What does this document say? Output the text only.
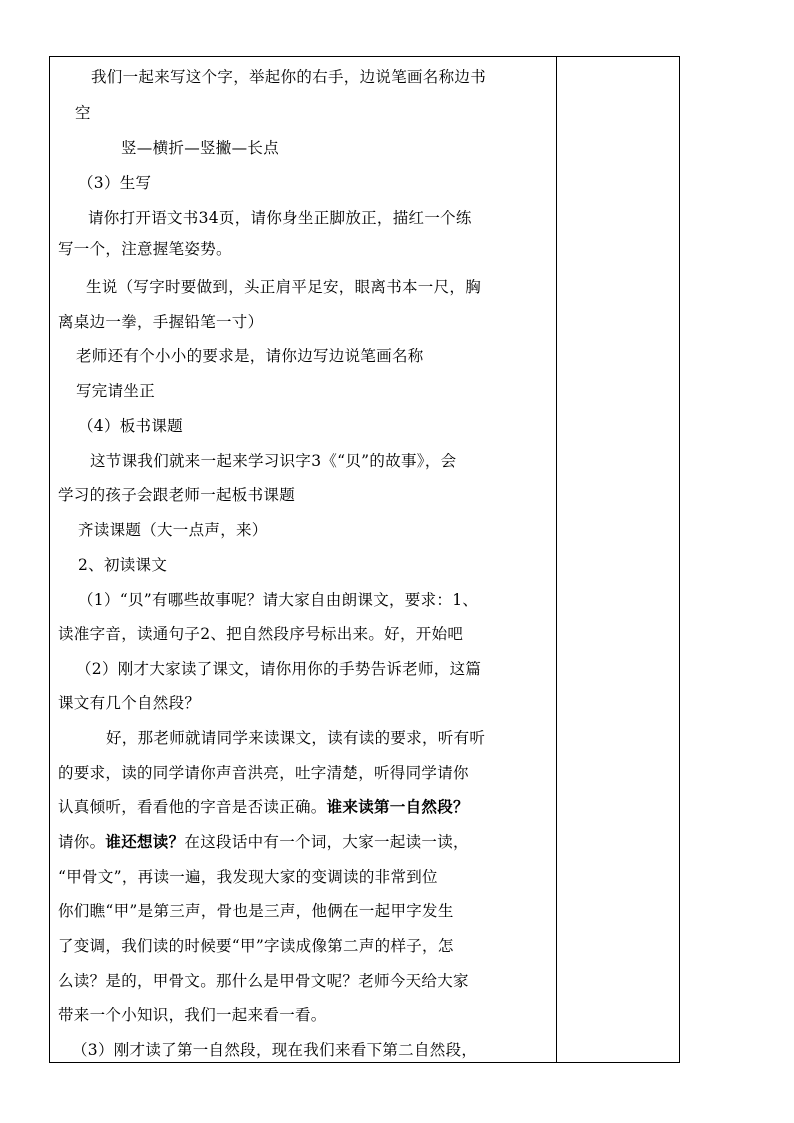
我们一起来写这个字，举起你的右手，边说笔画名称边书
空
竖—横折—竖撇—长点
（3）生写
请你打开语文书34页，请你身坐正脚放正，描红一个练
写一个，注意握笔姿势。
生说（写字时要做到，头正肩平足安，眼离书本一尺，胸
离桌边一拳，手握铅笔一寸）
老师还有个小小的要求是，请你边写边说笔画名称
写完请坐正
（4）板书课题
这节课我们就来一起来学习识字3《“贝”的故事》，会
学习的孩子会跟老师一起板书课题
齐读课题（大一点声，来）
2、初读课文
（1）“贝”有哪些故事呢？请大家自由朗课文，要求：1、
读准字音，读通句子2、把自然段序号标出来。好，开始吧
（2）刚才大家读了课文，请你用你的手势告诉老师，这篇
课文有几个自然段？
好，那老师就请同学来读课文，读有读的要求，听有听
的要求，读的同学请你声音洪亮，吐字清楚，听得同学请你
认真倾听，看看他的字音是否读正确。谁来读第一自然段？
请你。谁还想读？在这段话中有一个词，大家一起读一读，
“甲骨文”，再读一遍，我发现大家的变调读的非常到位
你们瞧“甲”是第三声，骨也是三声，他俩在一起甲字发生
了变调，我们读的时候要“甲”字读成像第二声的样子，怎
么读？是的，甲骨文。那什么是甲骨文呢？老师今天给大家
带来一个小知识，我们一起来看一看。
（3）刚才读了第一自然段，现在我们来看下第二自然段，
